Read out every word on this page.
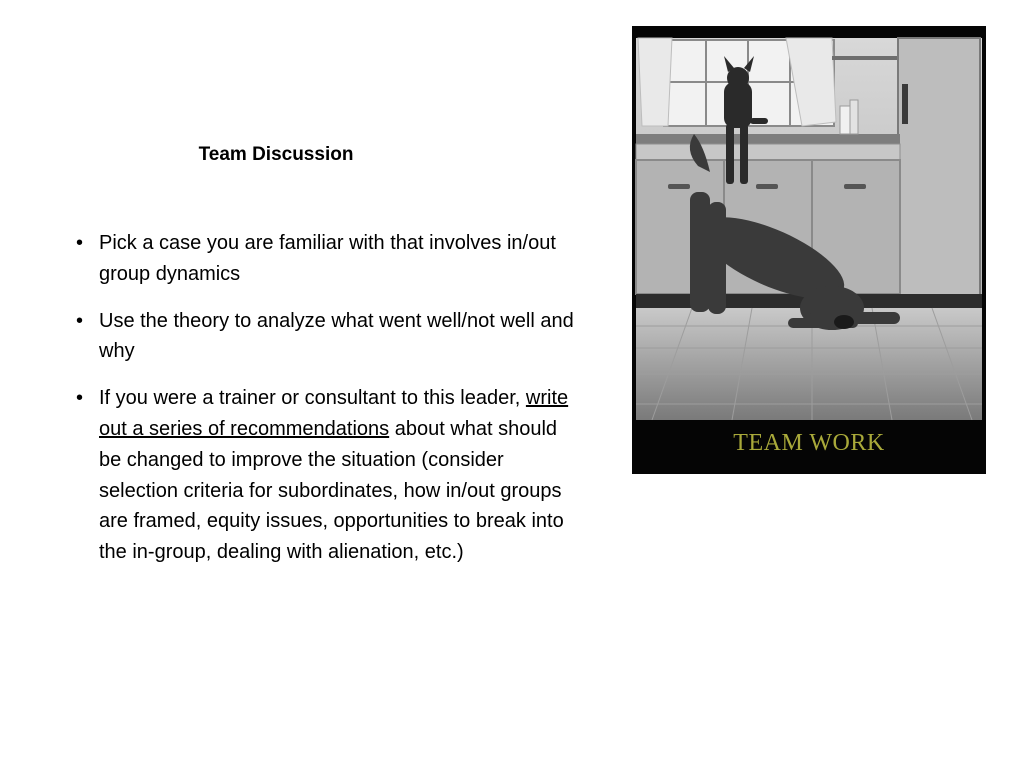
Team Discussion
• Pick a case you are familiar with that involves in/out group dynamics
• Use the theory to analyze what went well/not well and why
• If you were a trainer or consultant to this leader, write out a series of recommendations about what should be changed to improve the situation (consider selection criteria for subordinates, how in/out groups are framed, equity issues, opportunities to break into the in-group, dealing with alienation, etc.)
TEAM WORK
